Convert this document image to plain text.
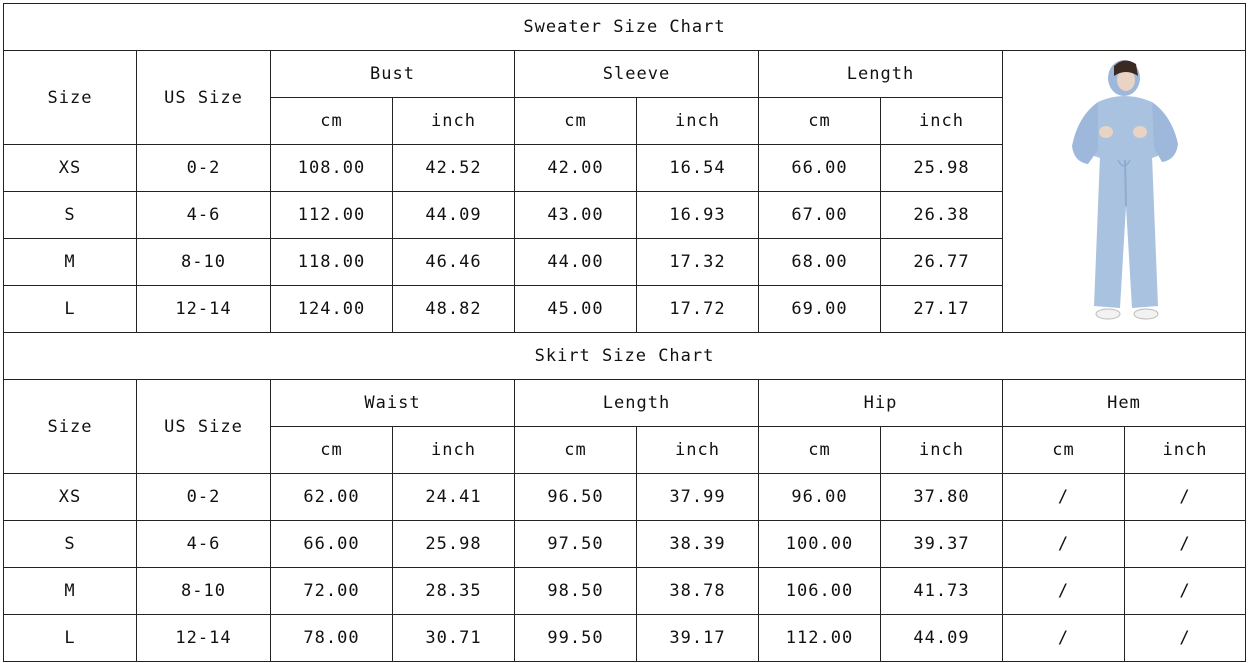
Sweater Size Chart									
Size	US Size	Bust		Sleeve		Length	

		cm	inch	cm	inch	cm	inch		
XS	0-2	108.00	42.52	42.00	16.54	66.00	25.98		
S	4-6	112.00	44.09	43.00	16.93	67.00	26.38		
M	8-10	118.00	46.46	44.00	17.32	68.00	26.77		
L	12-14	124.00	48.82	45.00	17.72	69.00	27.17		
Skirt Size Chart									
Size	US Size	Waist		Length		Hip		Hem	
		cm	inch	cm	inch	cm	inch	cm	inch
XS	0-2	62.00	24.41	96.50	37.99	96.00	37.80	/	/
S	4-6	66.00	25.98	97.50	38.39	100.00	39.37	/	/
M	8-10	72.00	28.35	98.50	38.78	106.00	41.73	/	/
L	12-14	78.00	30.71	99.50	39.17	112.00	44.09	/	/
